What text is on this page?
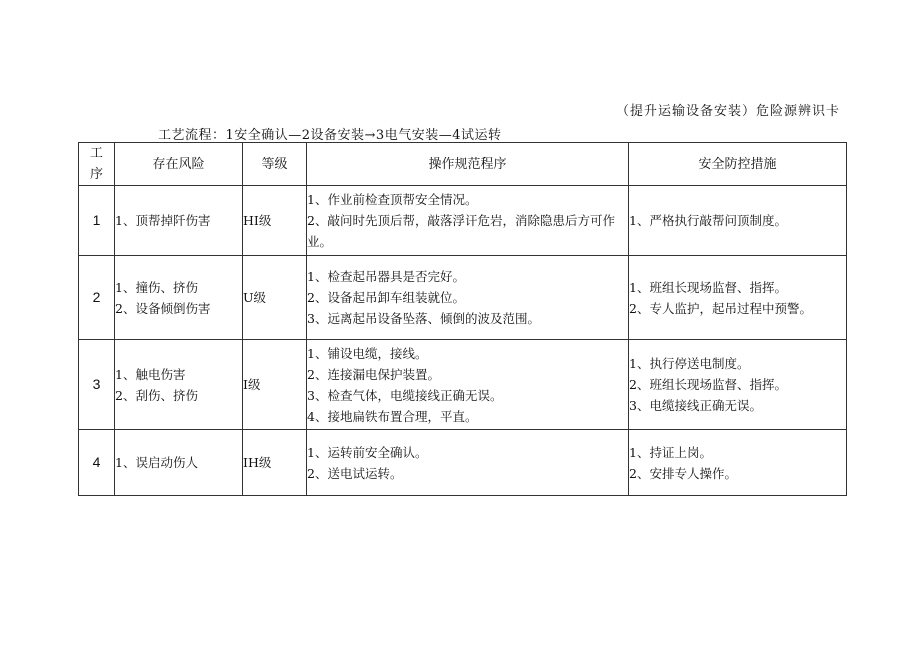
（提升运输设备安装）危险源辨识卡
工艺流程：1安全确认—2设备安装→3电气安装—4试运转
工
序	存在风险	等级	操作规范程序	安全防控措施
1	1、顶帮掉阡伤害	HI级	1、作业前检查顶帮安全情况。
2、敲问时先顶后帮，敲落浮讦危岩，消除隐患后方可作业。	1、严格执行敲帮问顶制度。

2	1、撞伤、挤伤
2、设备倾倒伤害	U级	1、检查起吊器具是否完好。
2、设备起吊卸车组装就位。
3、远离起吊设备坠落、倾倒的波及范围。	1、班组长现场监督、指挥。
2、专人监护，起吊过程中预警。

3	1、触电伤害
2、刮伤、挤伤	I级	1、铺设电缆，接线。
2、连接漏电保护装置。
3、检查气体，电缆接线正确无误。
4、接地扁铁布置合理，平直。	1、执行停送电制度。
2、班组长现场监督、指挥。
3、电缆接线正确无误。

4	1、误启动伤人	IH级	1、运转前安全确认。
2、送电试运转。	1、持证上岗。
2、安排专人操作。
